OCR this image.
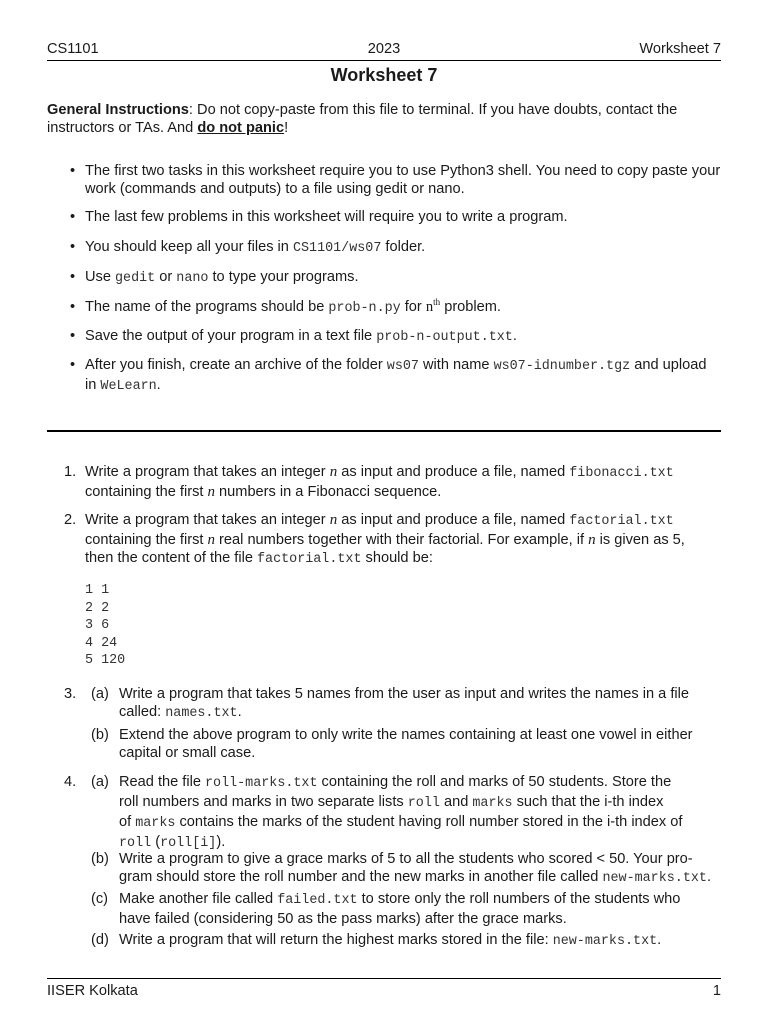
CS1101	2023	Worksheet 7
Worksheet 7
General Instructions: Do not copy-paste from this file to terminal. If you have doubts, contact the instructors or TAs. And do not panic!
• The first two tasks in this worksheet require you to use Python3 shell. You need to copy paste your work (commands and outputs) to a file using gedit or nano.
• The last few problems in this worksheet will require you to write a program.
• You should keep all your files in CS1101/ws07 folder.
• Use gedit or nano to type your programs.
• The name of the programs should be prob-n.py for $n^{th}$ problem.
• Save the output of your program in a text file prob-n-output.txt.
• After you finish, create an archive of the folder ws07 with name ws07-idnumber.tgz and upload in WeLearn.
1. Write a program that takes an integer n as input and produce a file, named fibonacci.txt
containing the first n numbers in a Fibonacci sequence.
2. Write a program that takes an integer n as input and produce a file, named factorial.txt
containing the first n real numbers together with their factorial. For example, if n is given as 5,
then the content of the file factorial.txt should be:
1 1
2 2
3 6
4 24
5 120
3. (a) Write a program that takes 5 names from the user as input and writes the names in a file
called: names.txt.
(b) Extend the above program to only write the names containing at least one vowel in either
capital or small case.
4. (a) Read the file roll-marks.txt containing the roll and marks of 50 students. Store the
roll numbers and marks in two separate lists roll and marks such that the i-th index
of marks contains the marks of the student having roll number stored in the i-th index of
roll (roll[i]).
(b) Write a program to give a grace marks of 5 to all the students who scored < 50. Your pro-
gram should store the roll number and the new marks in another file called new-marks.txt.
(c) Make another file called failed.txt to store only the roll numbers of the students who
have failed (considering 50 as the pass marks) after the grace marks.
(d) Write a program that will return the highest marks stored in the file: new-marks.txt.
IISER Kolkata	1
